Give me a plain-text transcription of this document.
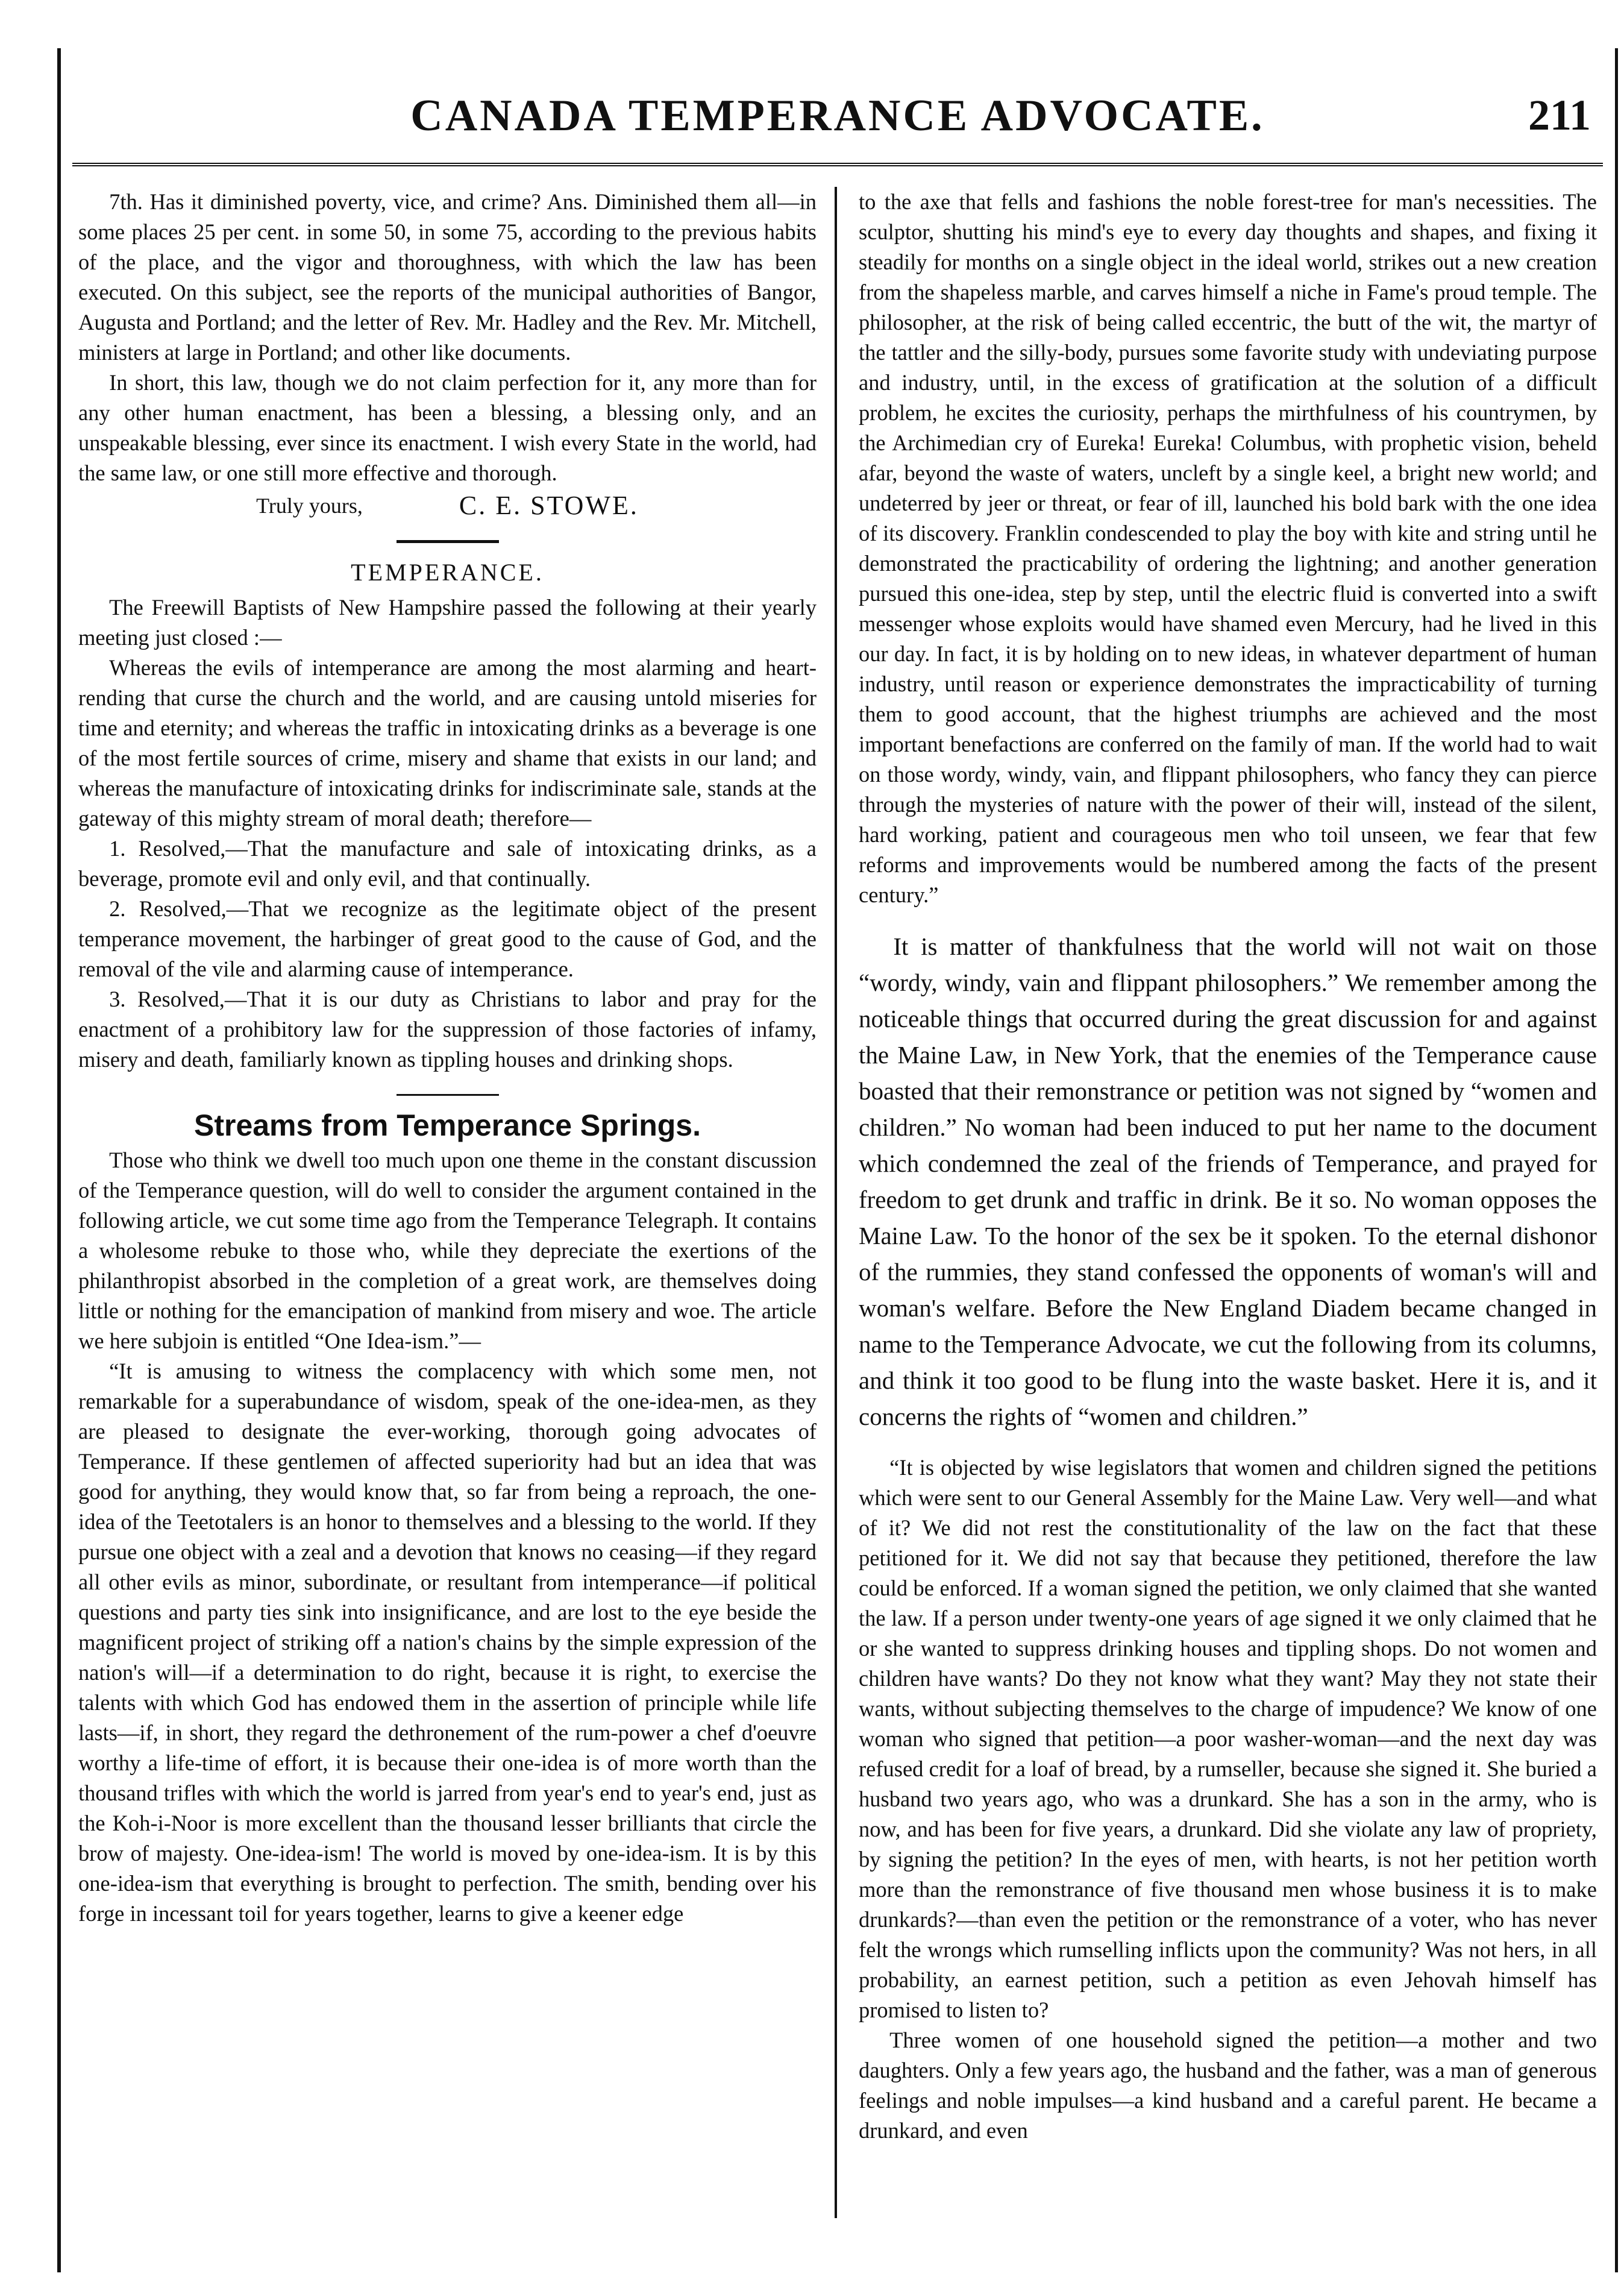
CANADA TEMPERANCE ADVOCATE.	211

7th. Has it diminished poverty, vice, and crime? Ans. Diminished them all—in some places 25 per cent. in some 50, in some 75, according to the previous habits of the place, and the vigor and thoroughness, with which the law has been executed. On this subject, see the reports of the municipal authorities of Bangor, Augusta and Portland; and the letter of Rev. Mr. Hadley and the Rev. Mr. Mitchell, ministers at large in Portland; and other like documents.

In short, this law, though we do not claim perfection for it, any more than for any other human enactment, has been a blessing, a blessing only, and an unspeakable blessing, ever since its enactment. I wish every State in the world, had the same law, or one still more effective and thorough.

Truly yours,	C. E. STOWE.
TEMPERANCE.

The Freewill Baptists of New Hampshire passed the following at their yearly meeting just closed :—

Whereas the evils of intemperance are among the most alarming and heart-rending that curse the church and the world, and are causing untold miseries for time and eternity; and whereas the traffic in intoxicating drinks as a beverage is one of the most fertile sources of crime, misery and shame that exists in our land; and whereas the manufacture of intoxicating drinks for indiscriminate sale, stands at the gateway of this mighty stream of moral death; therefore—

1. Resolved,—That the manufacture and sale of intoxicating drinks, as a beverage, promote evil and only evil, and that continually.

2. Resolved,—That we recognize as the legitimate object of the present temperance movement, the harbinger of great good to the cause of God, and the removal of the vile and alarming cause of intemperance.

3. Resolved,—That it is our duty as Christians to labor and pray for the enactment of a prohibitory law for the suppression of those factories of infamy, misery and death, familiarly known as tippling houses and drinking shops.

Streams from Temperance Springs.

Those who think we dwell too much upon one theme in the constant discussion of the Temperance question, will do well to consider the argument contained in the following article, we cut some time ago from the Temperance Telegraph. It contains a wholesome rebuke to those who, while they depreciate the exertions of the philanthropist absorbed in the completion of a great work, are themselves doing little or nothing for the emancipation of mankind from misery and woe. The article we here subjoin is entitled “One Idea-ism.”—

“It is amusing to witness the complacency with which some men, not remarkable for a superabundance of wisdom, speak of the one-idea-men, as they are pleased to designate the ever-working, thorough going advocates of Temperance. If these gentlemen of affected superiority had but an idea that was good for anything, they would know that, so far from being a reproach, the one-idea of the Teetotalers is an honor to themselves and a blessing to the world. If they pursue one object with a zeal and a devotion that knows no ceasing—if they regard all other evils as minor, subordinate, or resultant from intemperance—if political questions and party ties sink into insignificance, and are lost to the eye beside the magnificent project of striking off a nation's chains by the simple expression of the nation's will—if a determination to do right, because it is right, to exercise the talents with which God has endowed them in the assertion of principle while life lasts—if, in short, they regard the dethronement of the rum-power a chef d'oeuvre worthy a life-time of effort, it is because their one-idea is of more worth than the thousand trifles with which the world is jarred from year's end to year's end, just as the Koh-i-Noor is more excellent than the thousand lesser brilliants that circle the brow of majesty. One-idea-ism! The world is moved by one-idea-ism. It is by this one-idea-ism that everything is brought to perfection. The smith, bending over his forge in incessant toil for years together, learns to give a keener edge

to the axe that fells and fashions the noble forest-tree for man's necessities. The sculptor, shutting his mind's eye to every day thoughts and shapes, and fixing it steadily for months on a single object in the ideal world, strikes out a new creation from the shapeless marble, and carves himself a niche in Fame's proud temple. The philosopher, at the risk of being called eccentric, the butt of the wit, the martyr of the tattler and the silly-body, pursues some favorite study with undeviating purpose and industry, until, in the excess of gratification at the solution of a difficult problem, he excites the curiosity, perhaps the mirthfulness of his countrymen, by the Archimedian cry of Eureka! Eureka! Columbus, with prophetic vision, beheld afar, beyond the waste of waters, uncleft by a single keel, a bright new world; and undeterred by jeer or threat, or fear of ill, launched his bold bark with the one idea of its discovery. Franklin condescended to play the boy with kite and string until he demonstrated the practicability of ordering the lightning; and another generation pursued this one-idea, step by step, until the electric fluid is converted into a swift messenger whose exploits would have shamed even Mercury, had he lived in this our day. In fact, it is by holding on to new ideas, in whatever department of human industry, until reason or experience demonstrates the impracticability of turning them to good account, that the highest triumphs are achieved and the most important benefactions are conferred on the family of man. If the world had to wait on those wordy, windy, vain, and flippant philosophers, who fancy they can pierce through the mysteries of nature with the power of their will, instead of the silent, hard working, patient and courageous men who toil unseen, we fear that few reforms and improvements would be numbered among the facts of the present century.”

It is matter of thankfulness that the world will not wait on those “wordy, windy, vain and flippant philosophers.” We remember among the noticeable things that occurred during the great discussion for and against the Maine Law, in New York, that the enemies of the Temperance cause boasted that their remonstrance or petition was not signed by “women and children.” No woman had been induced to put her name to the document which condemned the zeal of the friends of Temperance, and prayed for freedom to get drunk and traffic in drink. Be it so. No woman opposes the Maine Law. To the honor of the sex be it spoken. To the eternal dishonor of the rummies, they stand confessed the opponents of woman's will and woman's welfare. Before the New England Diadem became changed in name to the Temperance Advocate, we cut the following from its columns, and think it too good to be flung into the waste basket. Here it is, and it concerns the rights of “women and children.”

“It is objected by wise legislators that women and children signed the petitions which were sent to our General Assembly for the Maine Law. Very well—and what of it? We did not rest the constitutionality of the law on the fact that these petitioned for it. We did not say that because they petitioned, therefore the law could be enforced. If a woman signed the petition, we only claimed that she wanted the law. If a person under twenty-one years of age signed it we only claimed that he or she wanted to suppress drinking houses and tippling shops. Do not women and children have wants? Do they not know what they want? May they not state their wants, without subjecting themselves to the charge of impudence? We know of one woman who signed that petition—a poor washer-woman—and the next day was refused credit for a loaf of bread, by a rumseller, because she signed it. She buried a husband two years ago, who was a drunkard. She has a son in the army, who is now, and has been for five years, a drunkard. Did she violate any law of propriety, by signing the petition? In the eyes of men, with hearts, is not her petition worth more than the remonstrance of five thousand men whose business it is to make drunkards?—than even the petition or the remonstrance of a voter, who has never felt the wrongs which rumselling inflicts upon the community? Was not hers, in all probability, an earnest petition, such a petition as even Jehovah himself has promised to listen to?

Three women of one household signed the petition—a mother and two daughters. Only a few years ago, the husband and the father, was a man of generous feelings and noble impulses—a kind husband and a careful parent. He became a drunkard, and even
